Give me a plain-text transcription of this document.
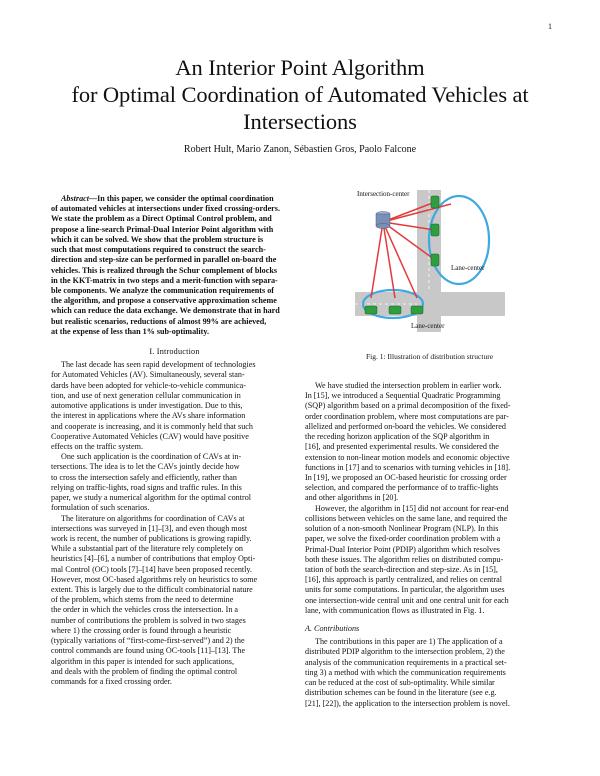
1
An Interior Point Algorithm
for Optimal Coordination of Automated Vehicles at
Intersections
Robert Hult, Mario Zanon, Sébastien Gros, Paolo Falcone
Abstract—In this paper, we consider the optimal coordination
of automated vehicles at intersections under fixed crossing-orders.
We state the problem as a Direct Optimal Control problem, and
propose a line-search Primal-Dual Interior Point algorithm with
which it can be solved. We show that the problem structure is
such that most computations required to construct the search-
direction and step-size can be performed in parallel on-board the
vehicles. This is realized through the Schur complement of blocks
in the KKT-matrix in two steps and a merit-function with separa-
ble components. We analyze the communication requirements of
the algorithm, and propose a conservative approximation scheme
which can reduce the data exchange. We demonstrate that in hard
but realistic scenarios, reductions of almost 99% are achieved,
at the expense of less than 1% sub-optimality.
Intersection-center
Lane-center
Lane-center
Fig. 1: Illustration of distribution structure
I. Introduction
The last decade has seen rapid development of technologies
for Automated Vehicles (AV). Simultaneously, several stan-
dards have been adopted for vehicle-to-vehicle communica-
tion, and use of next generation cellular communication in
automotive applications is under investigation. Due to this,
the interest in applications where the AVs share information
and cooperate is increasing, and it is commonly held that such
Cooperative Automated Vehicles (CAV) would have positive
effects on the traffic system.
One such application is the coordination of CAVs at in-
tersections. The idea is to let the CAVs jointly decide how
to cross the intersection safely and efficiently, rather than
relying on traffic-lights, road signs and traffic rules. In this
paper, we study a numerical algorithm for the optimal control
formulation of such scenarios.
The literature on algorithms for coordination of CAVs at
intersections was surveyed in [1]–[3], and even though most
work is recent, the number of publications is growing rapidly.
While a substantial part of the literature rely completely on
heuristics [4]–[6], a number of contributions that employ Opti-
mal Control (OC) tools [7]–[14] have been proposed recently.
However, most OC-based algorithms rely on heuristics to some
extent. This is largely due to the difficult combinatorial nature
of the problem, which stems from the need to determine
the order in which the vehicles cross the intersection. In a
number of contributions the problem is solved in two stages
where 1) the crossing order is found through a heuristic
(typically variations of “first-come-first-served”) and 2) the
control commands are found using OC-tools [11]–[13]. The
algorithm in this paper is intended for such applications,
and deals with the problem of finding the optimal control
commands for a fixed crossing order.
We have studied the intersection problem in earlier work.
In [15], we introduced a Sequential Quadratic Programming
(SQP) algorithm based on a primal decomposition of the fixed-
order coordination problem, where most computations are par-
allelized and performed on-board the vehicles. We considered
the receding horizon application of the SQP algorithm in
[16], and presented experimental results. We considered the
extension to non-linear motion models and economic objective
functions in [17] and to scenarios with turning vehicles in [18].
In [19], we proposed an OC-based heuristic for crossing order
selection, and compared the performance of to traffic-lights
and other algorithms in [20].
However, the algorithm in [15] did not account for rear-end
collisions between vehicles on the same lane, and required the
solution of a non-smooth Nonlinear Program (NLP). In this
paper, we solve the fixed-order coordination problem with a
Primal-Dual Interior Point (PDIP) algorithm which resolves
both these issues. The algorithm relies on distributed compu-
tation of both the search-direction and step-size. As in [15],
[16], this approach is partly centralized, and relies on central
units for some computations. In particular, the algorithm uses
one intersection-wide central unit and one central unit for each
lane, with communication flows as illustrated in Fig. 1.
A. Contributions
The contributions in this paper are 1) The application of a
distributed PDIP algorithm to the intersection problem, 2) the
analysis of the communication requirements in a practical set-
ting 3) a method with which the communication requirements
can be reduced at the cost of sub-optimality. While similar
distribution schemes can be found in the literature (see e.g.
[21], [22]), the application to the intersection problem is novel.
